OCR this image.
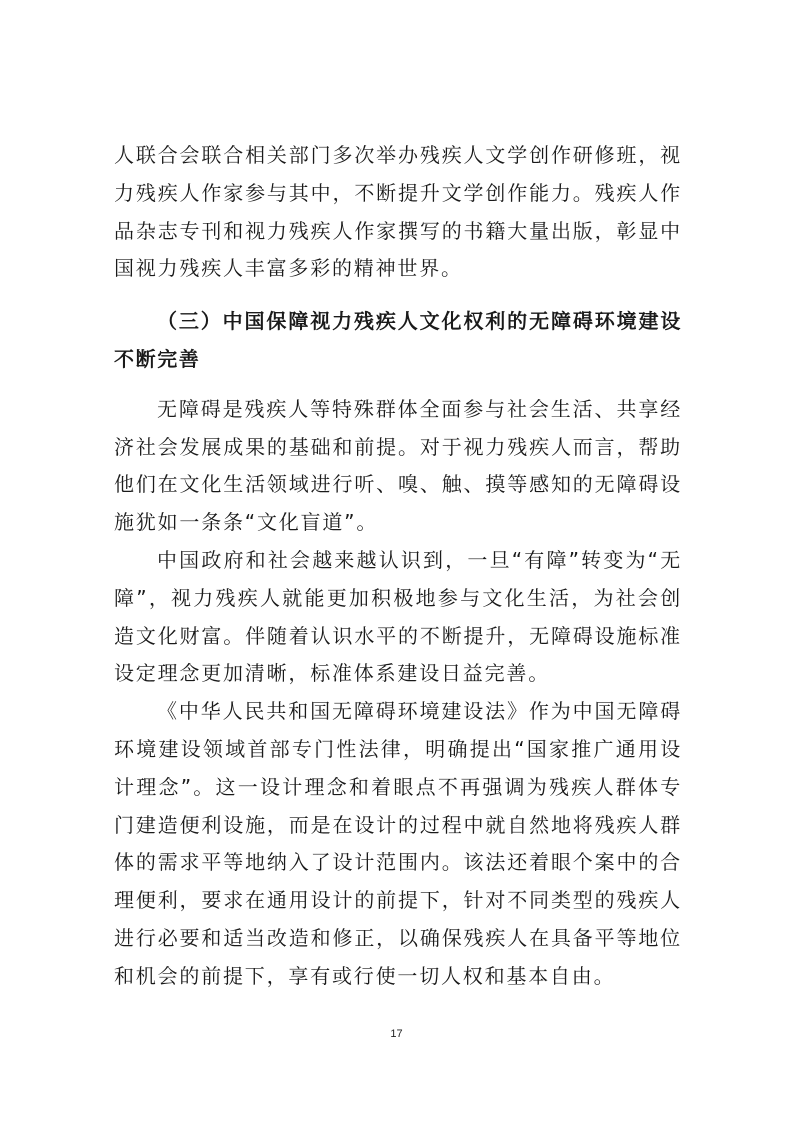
人联合会联合相关部门多次举办残疾人文学创作研修班，视力残疾人作家参与其中，不断提升文学创作能力。残疾人作品杂志专刊和视力残疾人作家撰写的书籍大量出版，彰显中国视力残疾人丰富多彩的精神世界。

（三）中国保障视力残疾人文化权利的无障碍环境建设不断完善

无障碍是残疾人等特殊群体全面参与社会生活、共享经济社会发展成果的基础和前提。对于视力残疾人而言，帮助他们在文化生活领域进行听、嗅、触、摸等感知的无障碍设施犹如一条条“文化盲道”。

中国政府和社会越来越认识到，一旦“有障”转变为“无障”，视力残疾人就能更加积极地参与文化生活，为社会创造文化财富。伴随着认识水平的不断提升，无障碍设施标准设定理念更加清晰，标准体系建设日益完善。

《中华人民共和国无障碍环境建设法》作为中国无障碍环境建设领域首部专门性法律，明确提出“国家推广通用设计理念”。这一设计理念和着眼点不再强调为残疾人群体专门建造便利设施，而是在设计的过程中就自然地将残疾人群体的需求平等地纳入了设计范围内。该法还着眼个案中的合理便利，要求在通用设计的前提下，针对不同类型的残疾人进行必要和适当改造和修正，以确保残疾人在具备平等地位和机会的前提下，享有或行使一切人权和基本自由。

17
